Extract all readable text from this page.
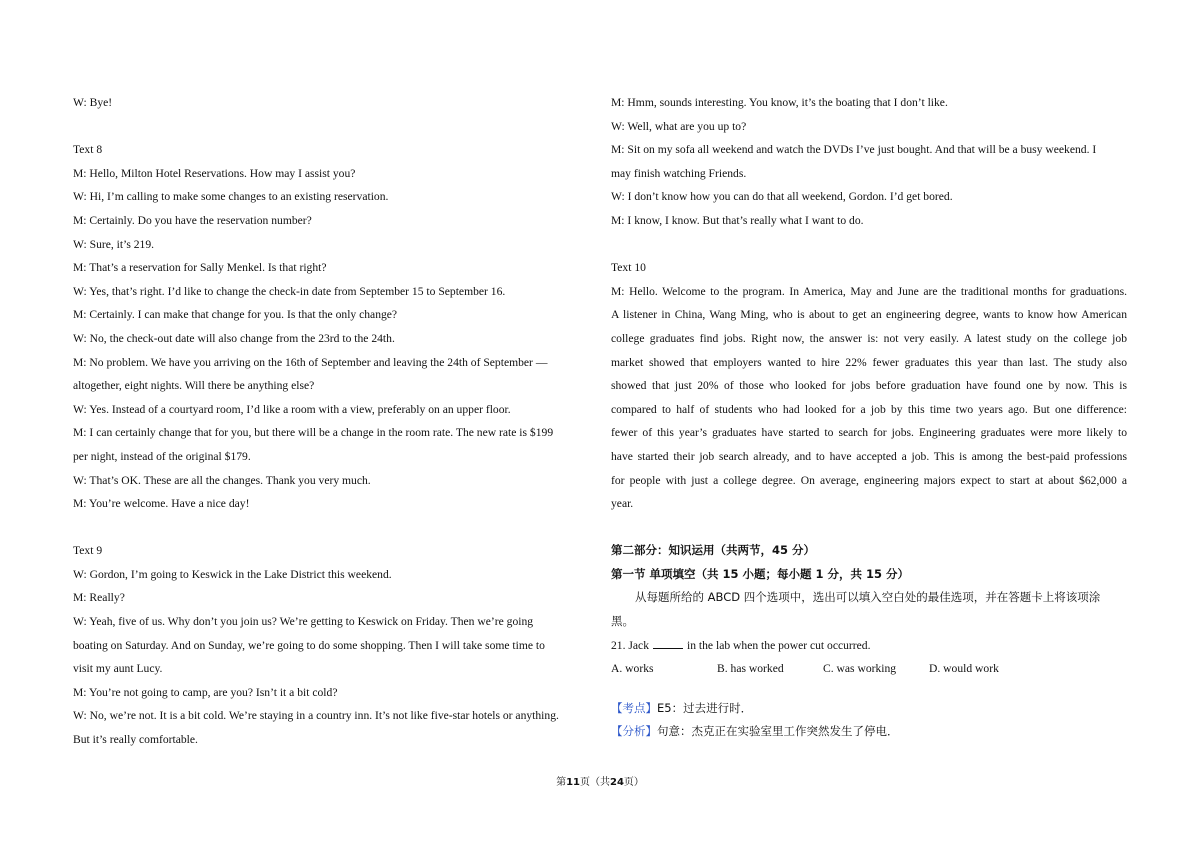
W: Bye!
Text 8
M: Hello, Milton Hotel Reservations. How may I assist you?
W: Hi, I’m calling to make some changes to an existing reservation.
M: Certainly. Do you have the reservation number?
W: Sure, it’s 219.
M: That’s a reservation for Sally Menkel. Is that right?
W: Yes, that’s right. I’d like to change the check-in date from September 15 to September 16.
M: Certainly. I can make that change for you. Is that the only change?
W: No, the check-out date will also change from the 23rd to the 24th.
M: No problem. We have you arriving on the 16th of September and leaving the 24th of September —
altogether, eight nights. Will there be anything else?
W: Yes. Instead of a courtyard room, I’d like a room with a view, preferably on an upper floor.
M: I can certainly change that for you, but there will be a change in the room rate. The new rate is $199
per night, instead of the original $179.
W: That’s OK. These are all the changes. Thank you very much.
M: You’re welcome. Have a nice day!
Text 9
W: Gordon, I’m going to Keswick in the Lake District this weekend.
M: Really?
W: Yeah, five of us. Why don’t you join us? We’re getting to Keswick on Friday. Then we’re going
boating on Saturday. And on Sunday, we’re going to do some shopping. Then I will take some time to
visit my aunt Lucy.
M: You’re not going to camp, are you? Isn’t it a bit cold?
W: No, we’re not. It is a bit cold. We’re staying in a country inn. It’s not like five-star hotels or anything.
But it’s really comfortable.
M: Hmm, sounds interesting. You know, it’s the boating that I don’t like.
W: Well, what are you up to?
M: Sit on my sofa all weekend and watch the DVDs I’ve just bought. And that will be a busy weekend. I
may finish watching Friends.
W: I don’t know how you can do that all weekend, Gordon. I’d get bored.
M: I know, I know. But that’s really what I want to do.
Text 10
M: Hello. Welcome to the program. In America, May and June are the traditional months for graduations.
A listener in China, Wang Ming, who is about to get an engineering degree, wants to know how American
college graduates find jobs. Right now, the answer is: not very easily. A latest study on the college job
market showed that employers wanted to hire 22% fewer graduates this year than last. The study also
showed that just 20% of those who looked for jobs before graduation have found one by now. This is
compared to half of students who had looked for a job by this time two years ago. But one difference:
fewer of this year’s graduates have started to search for jobs. Engineering graduates were more likely to
have started their job search already, and to have accepted a job. This is among the best-paid professions
for people with just a college degree. On average, engineering majors expect to start at about $62,000 a
year.
第二部分：知识运用（共两节，45 分）
第一节 单项填空（共 15 小题；每小题 1 分，共 15 分）
从每题所给的 ABCD 四个选项中，选出可以填入空白处的最佳选项，并在答题卡上将该项涂
黑。
21. Jack	in the lab when the power cut occurred.
A. works	B. has worked	C. was working	D. would work
【考点】E5：过去进行时．
【分析】句意：杰克正在实验室里工作突然发生了停电．
第11页（共24页）
